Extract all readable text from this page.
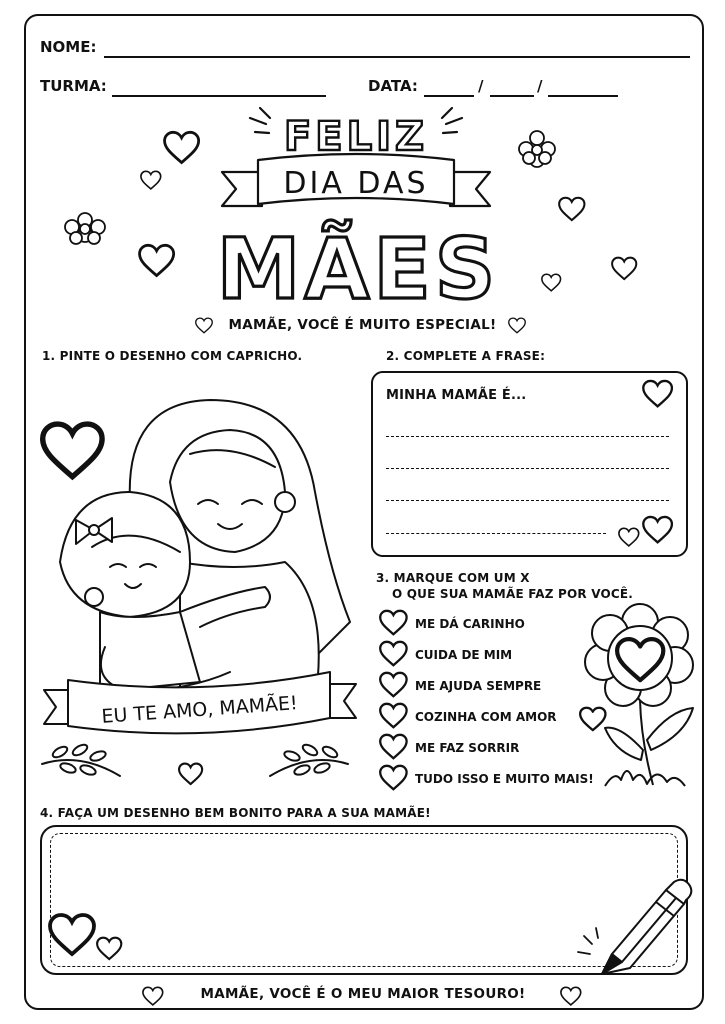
NOME:
TURMA:	DATA:	/	/
FELIZ
DIA DAS
MÃES
MAMÃE, VOCÊ É MUITO ESPECIAL!
1. PINTE O DESENHO COM CAPRICHO.
EU TE AMO, MAMÃE!
2. COMPLETE A FRASE:
MINHA MAMÃE É...
3. MARQUE COM UM X
O QUE SUA MAMÃE FAZ POR VOCÊ.
ME DÁ CARINHO
CUIDA DE MIM
ME AJUDA SEMPRE
COZINHA COM AMOR
ME FAZ SORRIR
TUDO ISSO E MUITO MAIS!
4. FAÇA UM DESENHO BEM BONITO PARA A SUA MAMÃE!
MAMÃE, VOCÊ É O MEU MAIOR TESOURO!
